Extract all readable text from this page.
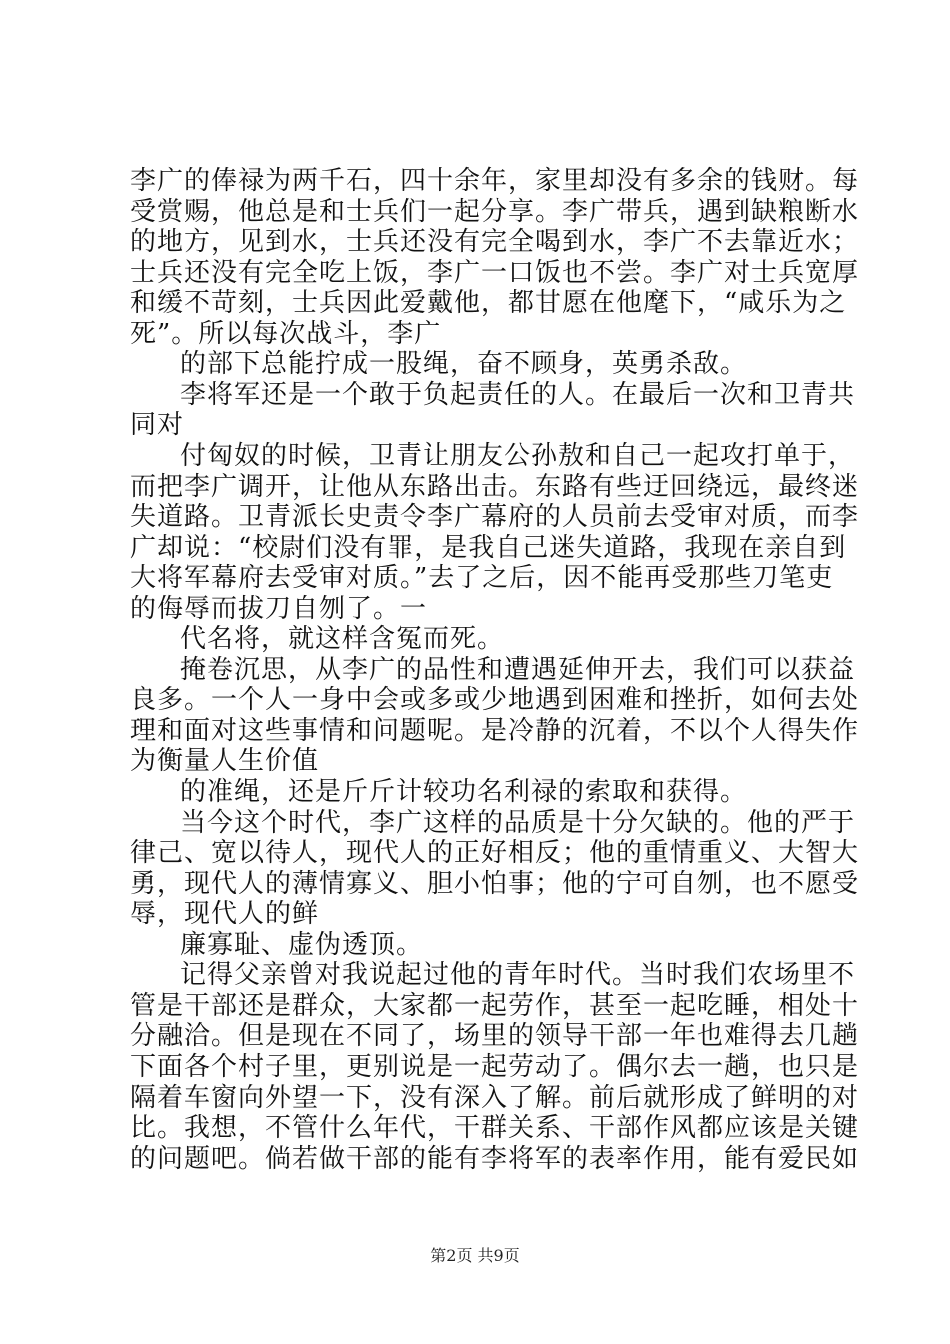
李广的俸禄为两千石，四十余年，家里却没有多余的钱财。每
受赏赐，他总是和士兵们一起分享。李广带兵，遇到缺粮断水
的地方，见到水，士兵还没有完全喝到水，李广不去靠近水；
士兵还没有完全吃上饭，李广一口饭也不尝。李广对士兵宽厚
和缓不苛刻，士兵因此爱戴他，都甘愿在他麾下，“咸乐为之
死”。所以每次战斗，李广
的部下总能拧成一股绳，奋不顾身，英勇杀敌。
李将军还是一个敢于负起责任的人。在最后一次和卫青共
同对
付匈奴的时候，卫青让朋友公孙敖和自己一起攻打单于，
而把李广调开，让他从东路出击。东路有些迂回绕远，最终迷
失道路。卫青派长史责令李广幕府的人员前去受审对质，而李
广却说：“校尉们没有罪，是我自己迷失道路，我现在亲自到
大将军幕府去受审对质。”去了之后，因不能再受那些刀笔吏
的侮辱而拔刀自刎了。一
代名将，就这样含冤而死。
掩卷沉思，从李广的品性和遭遇延伸开去，我们可以获益
良多。一个人一身中会或多或少地遇到困难和挫折，如何去处
理和面对这些事情和问题呢。是冷静的沉着，不以个人得失作
为衡量人生价值
的准绳，还是斤斤计较功名利禄的索取和获得。
当今这个时代，李广这样的品质是十分欠缺的。他的严于
律己、宽以待人，现代人的正好相反；他的重情重义、大智大
勇，现代人的薄情寡义、胆小怕事；他的宁可自刎，也不愿受
辱，现代人的鲜
廉寡耻、虚伪透顶。
记得父亲曾对我说起过他的青年时代。当时我们农场里不
管是干部还是群众，大家都一起劳作，甚至一起吃睡，相处十
分融洽。但是现在不同了，场里的领导干部一年也难得去几趟
下面各个村子里，更别说是一起劳动了。偶尔去一趟，也只是
隔着车窗向外望一下，没有深入了解。前后就形成了鲜明的对
比。我想，不管什么年代，干群关系、干部作风都应该是关键
的问题吧。倘若做干部的能有李将军的表率作用，能有爱民如
第2页 共9页
